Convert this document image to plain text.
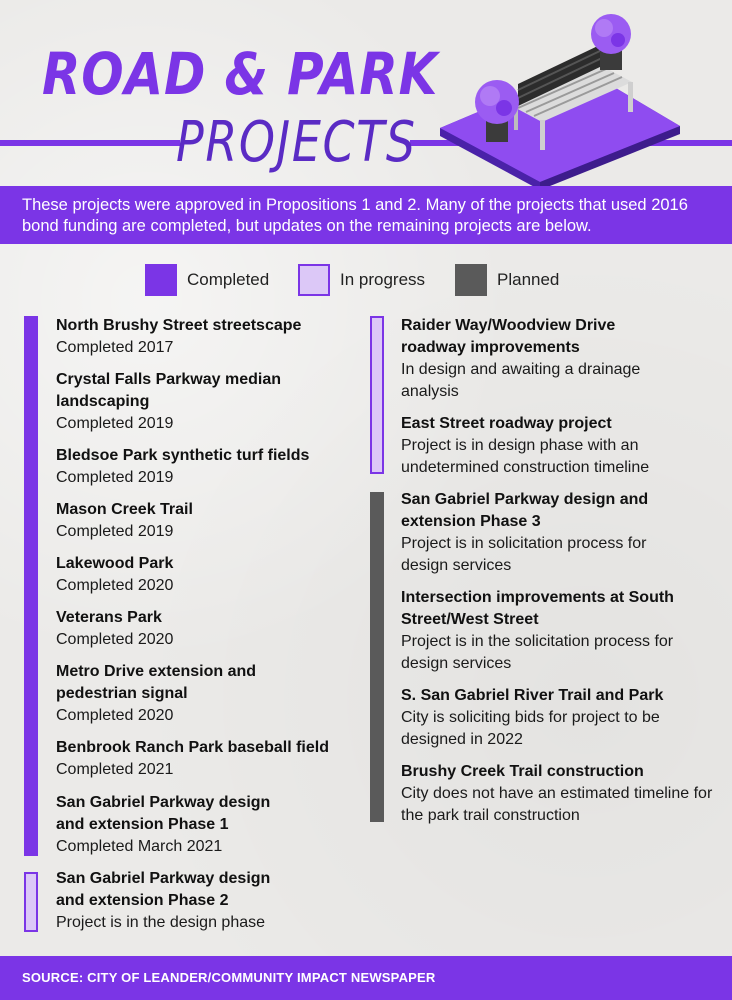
ROAD & PARK
PROJECTS
These projects were approved in Propositions 1 and 2. Many of the projects that used 2016 bond funding are completed, but updates on the remaining projects are below.
Completed	In progress	Planned
North Brushy Street streetscape
Completed 2017
Crystal Falls Parkway median landscaping
Completed 2019
Bledsoe Park synthetic turf fields
Completed 2019
Mason Creek Trail
Completed 2019
Lakewood Park
Completed 2020
Veterans Park
Completed 2020
Metro Drive extension and pedestrian signal
Completed 2020
Benbrook Ranch Park baseball field
Completed 2021
San Gabriel Parkway design and extension Phase 1
Completed March 2021
San Gabriel Parkway design and extension Phase 2
Project is in the design phase
Raider Way/Woodview Drive roadway improvements
In design and awaiting a drainage analysis
East Street roadway project
Project is in design phase with an undetermined construction timeline
San Gabriel Parkway design and extension Phase 3
Project is in solicitation process for design services
Intersection improvements at South Street/West Street
Project is in the solicitation process for design services
S. San Gabriel River Trail and Park
City is soliciting bids for project to be designed in 2022
Brushy Creek Trail construction
City does not have an estimated timeline for the park trail construction
SOURCE: CITY OF LEANDER/COMMUNITY IMPACT NEWSPAPER
